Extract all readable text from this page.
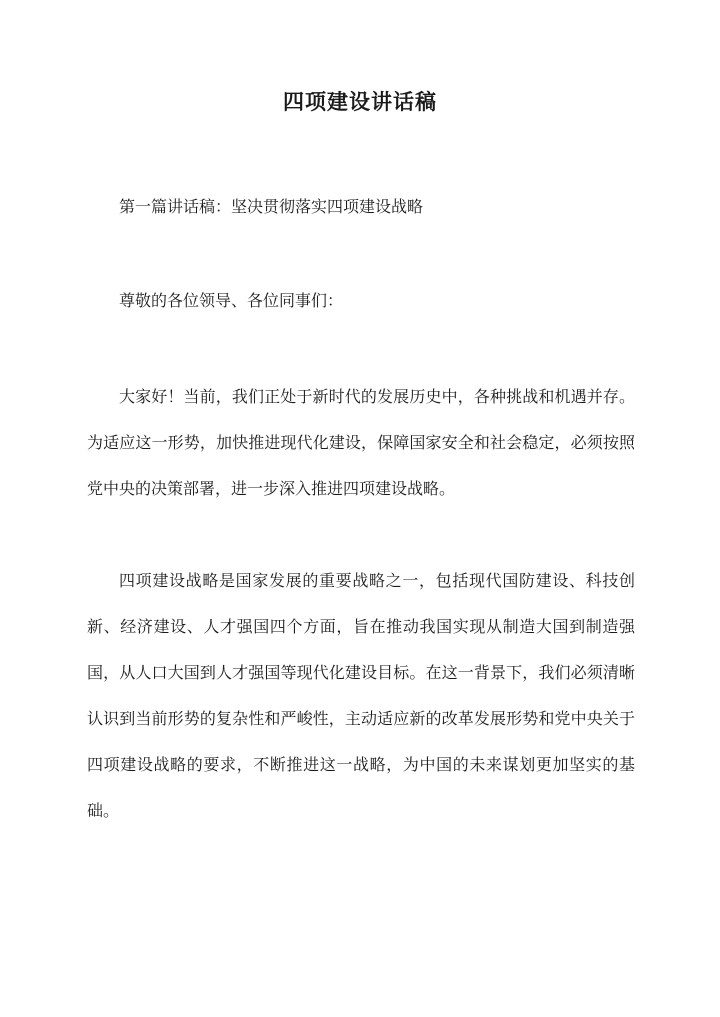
四项建设讲话稿

第一篇讲话稿：坚决贯彻落实四项建设战略

尊敬的各位领导、各位同事们：

大家好！当前，我们正处于新时代的发展历史中，各种挑战和机遇并存。为适应这一形势，加快推进现代化建设，保障国家安全和社会稳定，必须按照党中央的决策部署，进一步深入推进四项建设战略。

四项建设战略是国家发展的重要战略之一，包括现代国防建设、科技创新、经济建设、人才强国四个方面，旨在推动我国实现从制造大国到制造强国，从人口大国到人才强国等现代化建设目标。在这一背景下，我们必须清晰认识到当前形势的复杂性和严峻性，主动适应新的改革发展形势和党中央关于四项建设战略的要求，不断推进这一战略，为中国的未来谋划更加坚实的基础。
